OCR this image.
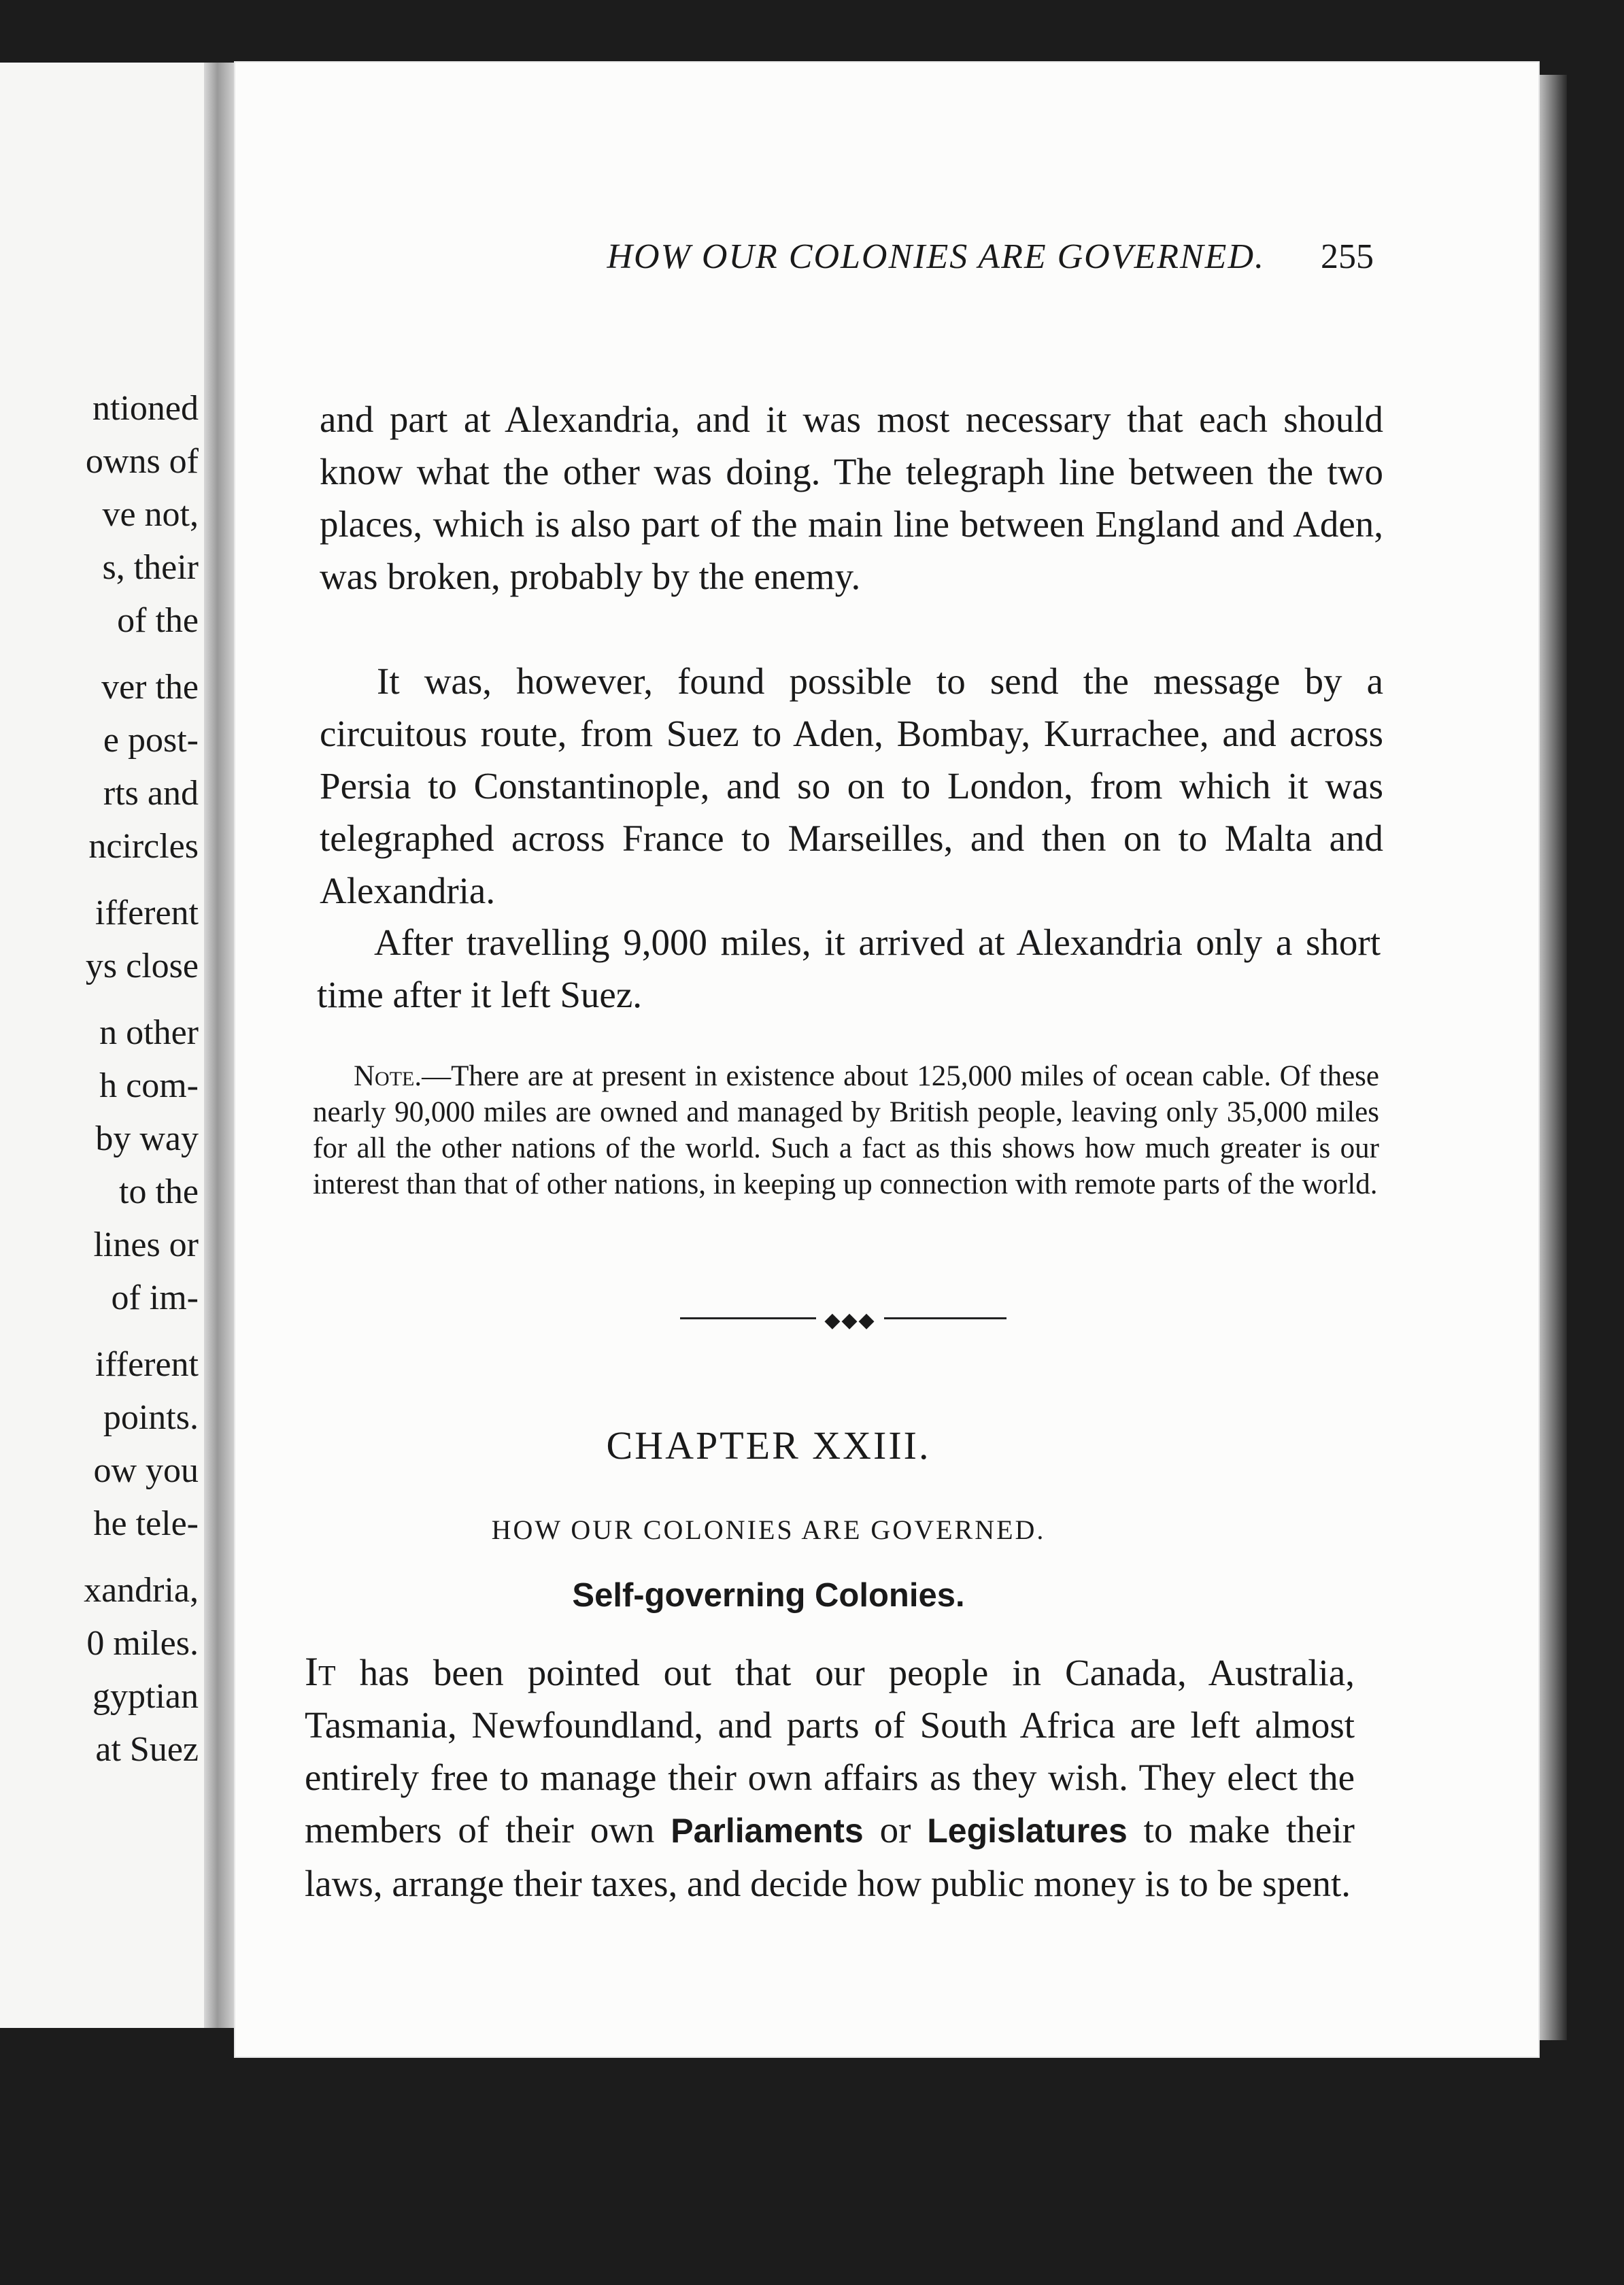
ntioned
owns of
ve not,
s, their
of the
ver the
e post-
rts and
ncircles
ifferent
ys close
n other
h com-
by way
to the
lines or
of im-
ifferent
points.
ow you
he tele-
xandria,
0 miles.
gyptian
at Suez
HOW OUR COLONIES ARE GOVERNED. 255

and part at Alexandria, and it was most necessary that each should know what the other was doing. The telegraph line between the two places, which is also part of the main line between England and Aden, was broken, probably by the enemy.

It was, however, found possible to send the message by a circuitous route, from Suez to Aden, Bombay, Kurrachee, and across Persia to Constantinople, and so on to London, from which it was telegraphed across France to Marseilles, and then on to Malta and Alexandria.

After travelling 9,000 miles, it arrived at Alexandria only a short time after it left Suez.

Note.—There are at present in existence about 125,000 miles of ocean cable. Of these nearly 90,000 miles are owned and managed by British people, leaving only 35,000 miles for all the other nations of the world. Such a fact as this shows how much greater is our interest than that of other nations, in keeping up connection with remote parts of the world.

◆◆◆
CHAPTER XXIII.
HOW OUR COLONIES ARE GOVERNED.
Self-governing Colonies.

It has been pointed out that our people in Canada, Australia, Tasmania, Newfoundland, and parts of South Africa are left almost entirely free to manage their own affairs as they wish. They elect the members of their own Parliaments or Legislatures to make their laws, arrange their taxes, and decide how public money is to be spent.
